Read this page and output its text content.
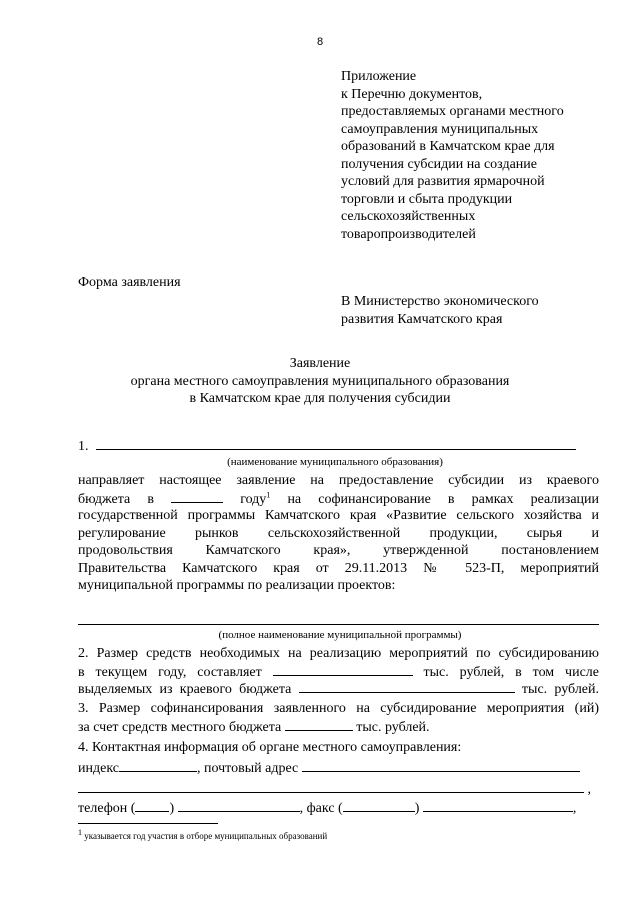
8
Приложение
к Перечню документов,
предоставляемых органами местного
самоуправления муниципальных
образований в Камчатском крае для
получения субсидии на создание
условий для развития ярмарочной
торговли и сбыта продукции
сельскохозяйственных
товаропроизводителей
Форма заявления
В Министерство экономического
развития Камчатского края
Заявление
органа местного самоуправления муниципального образования
в Камчатском крае для получения субсидии
1.
(наименование муниципального образования)
направляет настоящее заявление на предоставление субсидии из краевого
бюджета в	году$^1$ на софинансирование в рамках реализации
государственной программы Камчатского края «Развитие сельского хозяйства и
регулирование рынков сельскохозяйственной продукции, сырья и
продовольствия Камчатского края», утвержденной постановлением
Правительства Камчатского края от 29.11.2013 № 523-П, мероприятий
муниципальной программы по реализации проектов:
(полное наименование муниципальной программы)
2. Размер средств необходимых на реализацию мероприятий по субсидированию
в текущем году, составляет	тыс. рублей, в том числе
выделяемых из краевого бюджета	тыс. рублей.
3. Размер софинансирования заявленного на субсидирование мероприятия (ий)
за счет средств местного бюджета	тыс. рублей.
4. Контактная информация об органе местного самоуправления:
индекс	, почтовый адрес
,
телефон ( )	, факс (	)	,
$^1$ указывается год участия в отборе муниципальных образований
